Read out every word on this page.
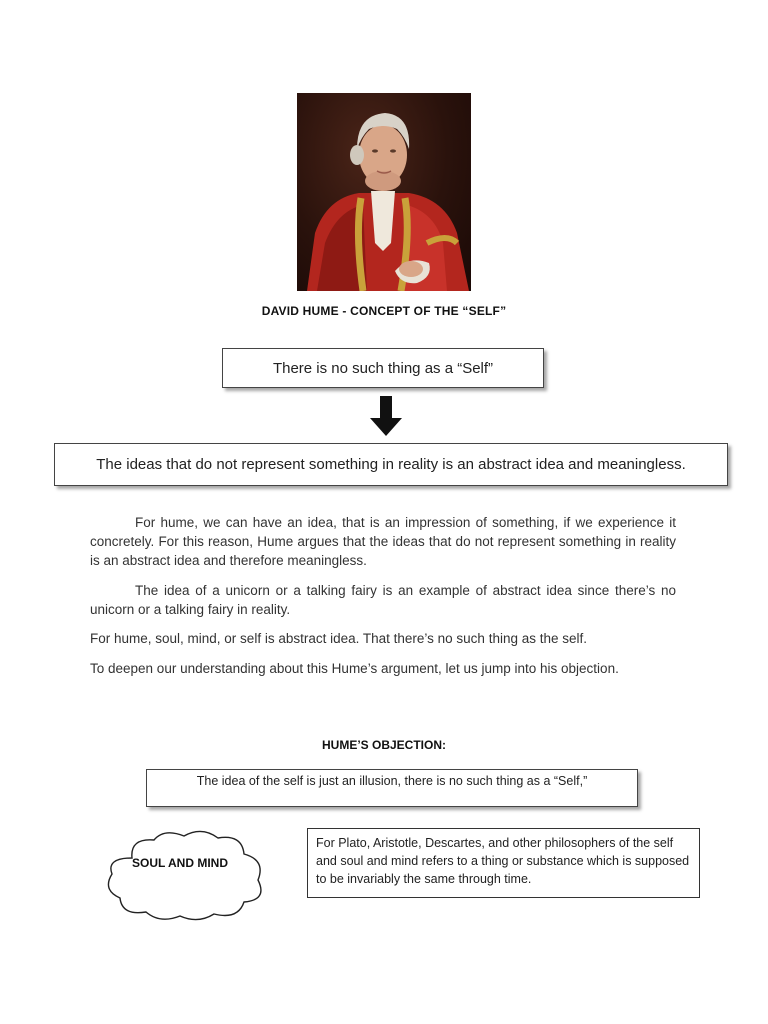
DAVID HUME - CONCEPT OF THE “SELF”
There is no such thing as a “Self”
The ideas that do not represent something in reality is an abstract idea and meaningless.
For hume, we can have an idea, that is an impression of something, if we experience it concretely. For this reason, Hume argues that the ideas that do not represent something in reality is an abstract idea and therefore meaningless.
The idea of a unicorn or a talking fairy is an example of abstract idea since there’s no unicorn or a talking fairy in reality.
For hume, soul, mind, or self is abstract idea. That there’s no such thing as the self.
To deepen our understanding about this Hume’s argument, let us jump into his objection.
HUME’S OBJECTION:
The idea of the self is just an illusion, there is no such thing as a “Self,”
SOUL AND MIND
For Plato, Aristotle, Descartes, and other philosophers of the self and soul and mind refers to a thing or substance which is supposed to be invariably the same through time.
